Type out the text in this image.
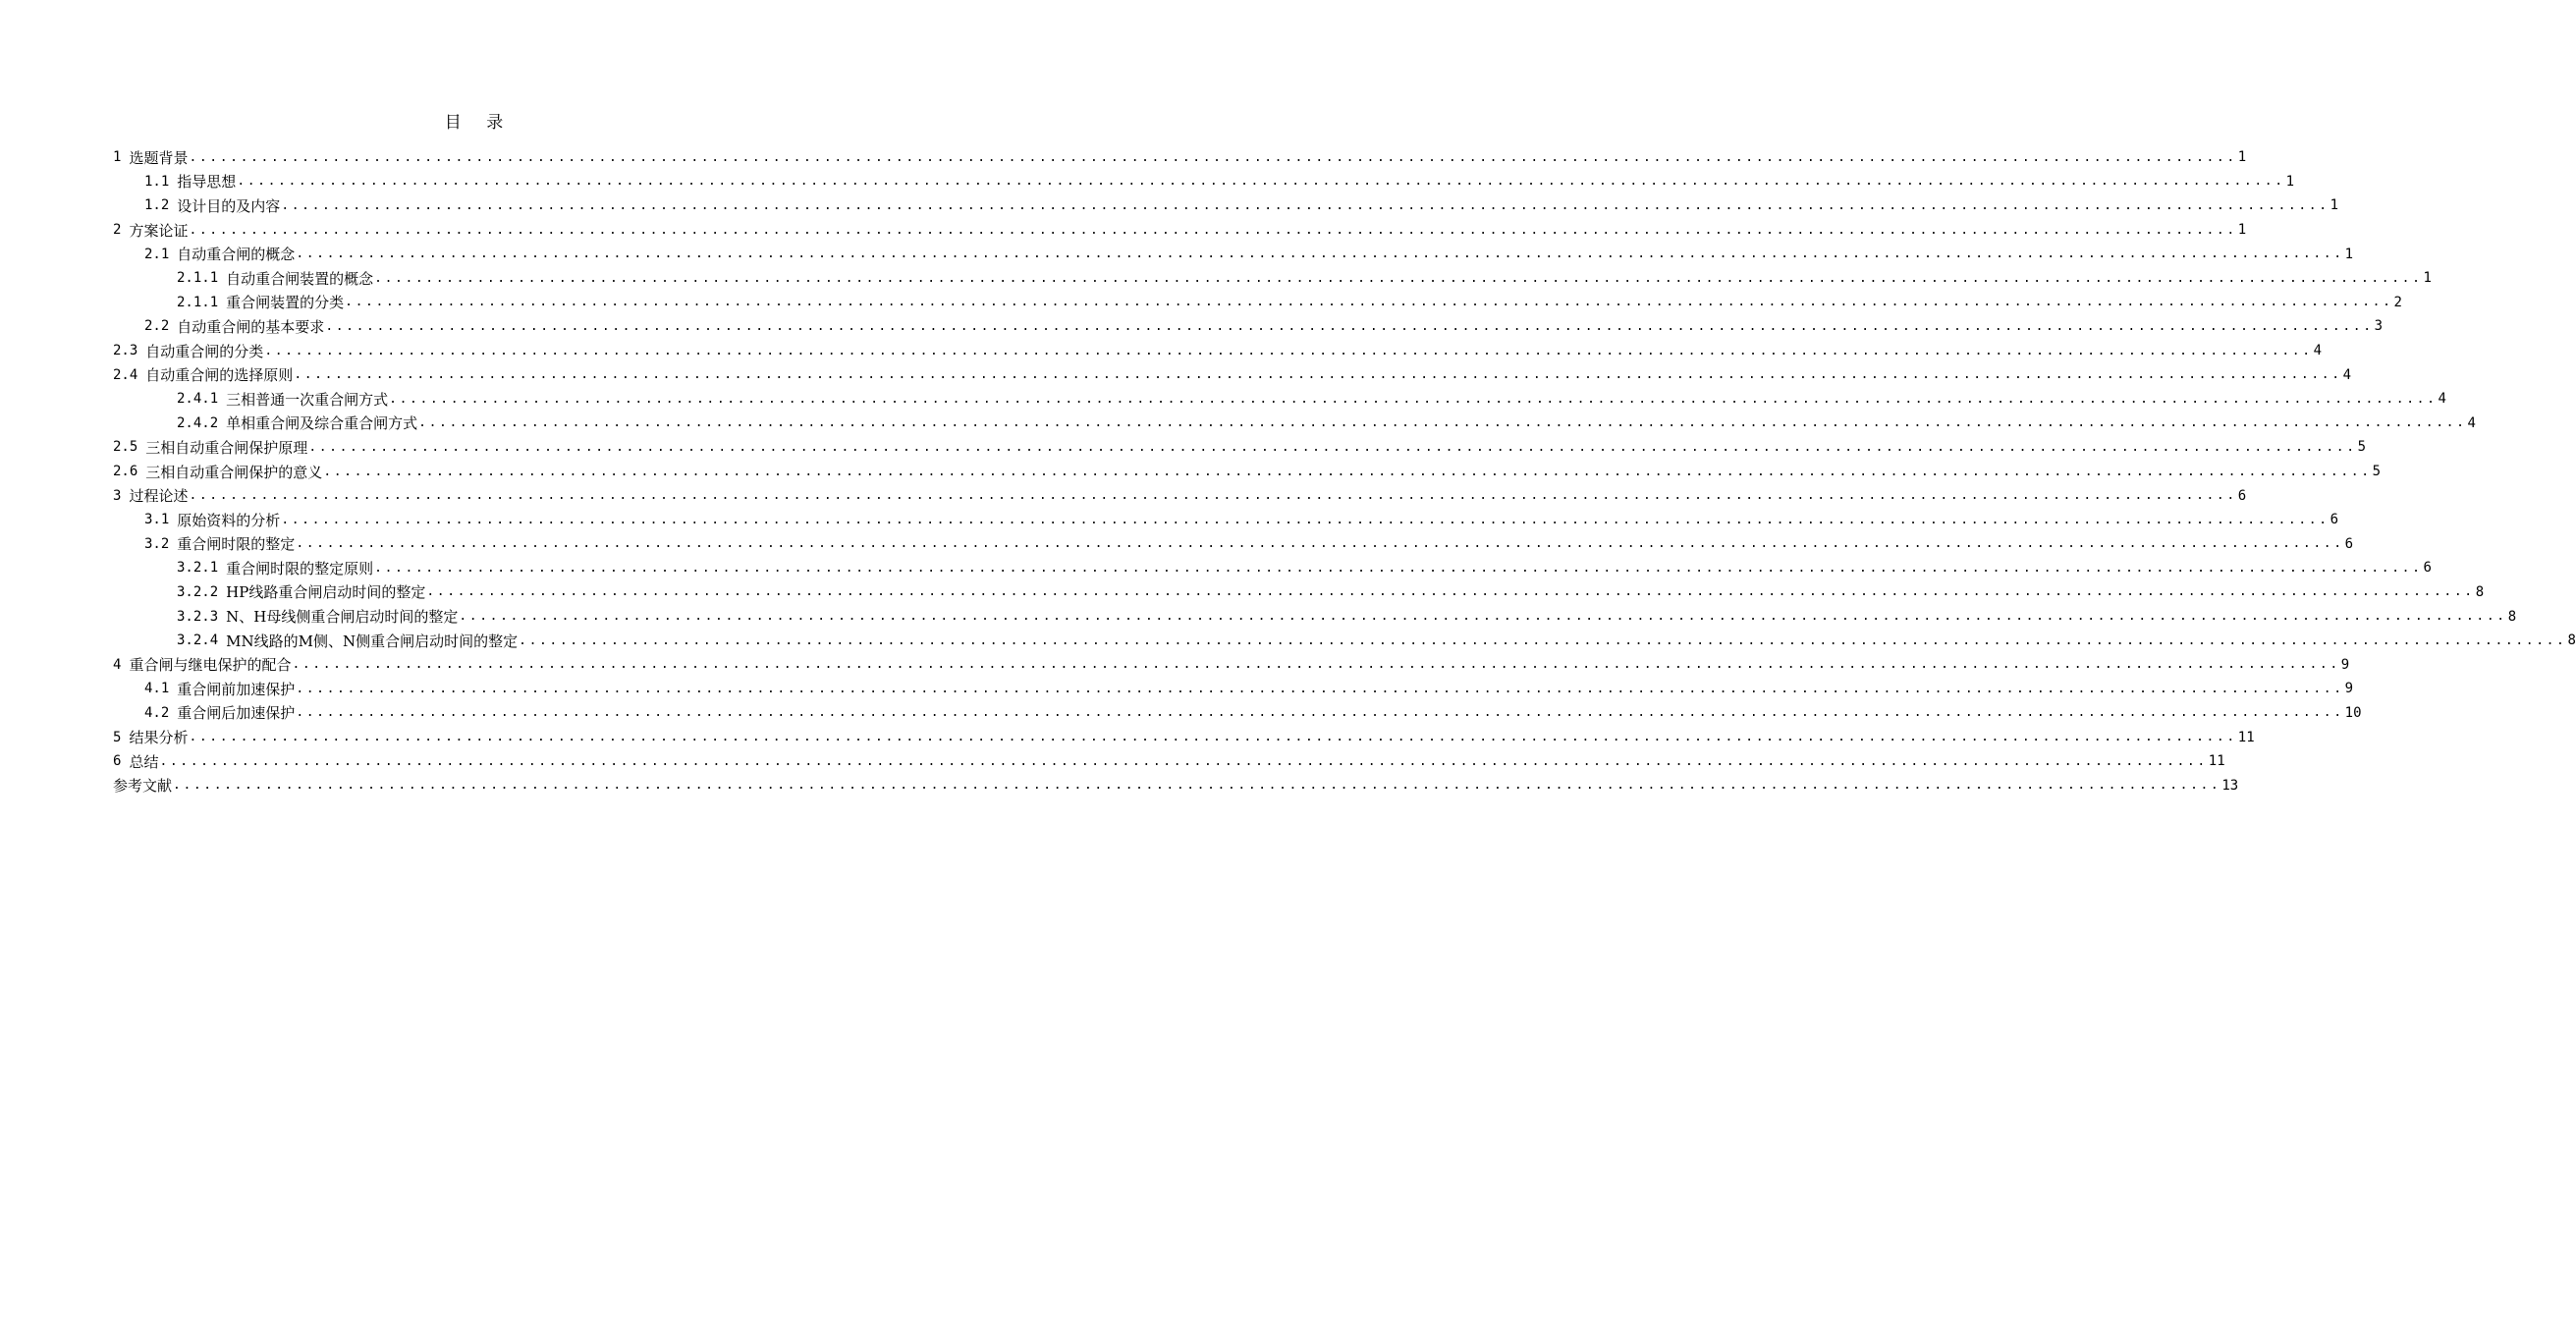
目 录
1 选题背景 ........................................................................................................................................................................................................ 1
1.1 指导思想 ........................................................................................................................................................................................................ 1
1.2 设计目的及内容 ........................................................................................................................................................................................................ 1
2 方案论证 ........................................................................................................................................................................................................ 1
2.1 自动重合闸的概念 ........................................................................................................................................................................................................ 1
2.1.1 自动重合闸装置的概念 ........................................................................................................................................................................................................ 1
2.1.1 重合闸装置的分类 ........................................................................................................................................................................................................ 2
2.2 自动重合闸的基本要求 ........................................................................................................................................................................................................ 3
2.3 自动重合闸的分类 ........................................................................................................................................................................................................ 4
2.4 自动重合闸的选择原则 ........................................................................................................................................................................................................ 4
2.4.1 三相普通一次重合闸方式 ........................................................................................................................................................................................................ 4
2.4.2 单相重合闸及综合重合闸方式 ........................................................................................................................................................................................................ 4
2.5 三相自动重合闸保护原理 ........................................................................................................................................................................................................ 5
2.6 三相自动重合闸保护的意义 ........................................................................................................................................................................................................ 5
3 过程论述 ........................................................................................................................................................................................................ 6
3.1 原始资料的分析 ........................................................................................................................................................................................................ 6
3.2 重合闸时限的整定 ........................................................................................................................................................................................................ 6
3.2.1 重合闸时限的整定原则 ........................................................................................................................................................................................................ 6
3.2.2 HP线路重合闸启动时间的整定 ........................................................................................................................................................................................................ 8
3.2.3 N、H母线侧重合闸启动时间的整定 ........................................................................................................................................................................................................ 8
3.2.4 MN线路的M侧、N侧重合闸启动时间的整定 ........................................................................................................................................................................................................ 8
4 重合闸与继电保护的配合 ........................................................................................................................................................................................................ 9
4.1 重合闸前加速保护 ........................................................................................................................................................................................................ 9
4.2 重合闸后加速保护 ........................................................................................................................................................................................................ 10
5 结果分析 ........................................................................................................................................................................................................ 11
6 总结 ........................................................................................................................................................................................................ 11
参考文献 ........................................................................................................................................................................................................ 13
